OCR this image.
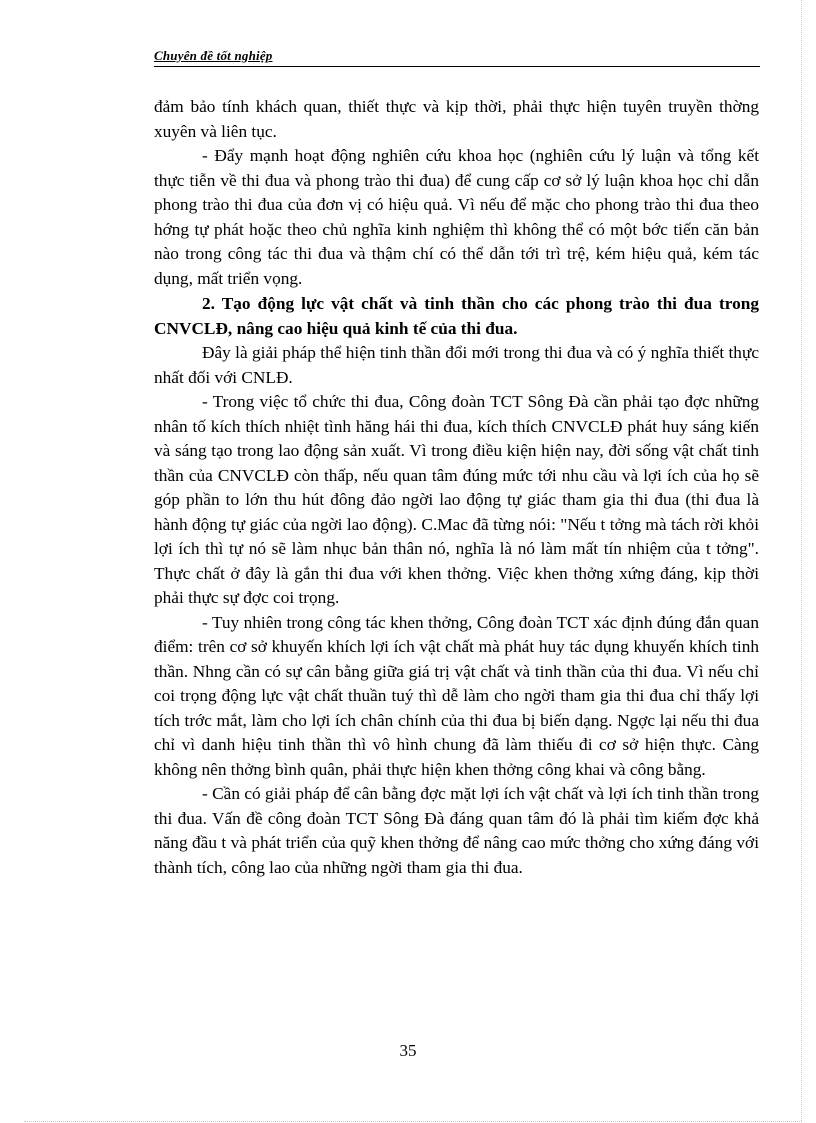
Chuyên đề tốt nghiệp

đảm bảo tính khách quan, thiết thực và kịp thời, phải thực hiện tuyên truyền thờng xuyên và liên tục.

- Đẩy mạnh hoạt động nghiên cứu khoa học (nghiên cứu lý luận và tổng kết thực tiễn về thi đua và phong trào thi đua) để cung cấp cơ sở lý luận khoa học chỉ dẫn phong trào thi đua của đơn vị có hiệu quả. Vì nếu để mặc cho phong trào thi đua theo hớng tự phát hoặc theo chủ nghĩa kinh nghiệm thì không thể có một bớc tiến căn bản nào trong công tác thi đua và thậm chí có thể dẫn tới trì trệ, kém hiệu quả, kém tác dụng, mất triển vọng.

2. Tạo động lực vật chất và tinh thần cho các phong trào thi đua trong CNVCLĐ, nâng cao hiệu quả kinh tế của thi đua.

Đây là giải pháp thể hiện tinh thần đổi mới trong thi đua và có ý nghĩa thiết thực nhất đối với CNLĐ.

- Trong việc tổ chức thi đua, Công đoàn TCT Sông Đà cần phải tạo đợc những nhân tố kích thích nhiệt tình hăng hái thi đua, kích thích CNVCLĐ phát huy sáng kiến và sáng tạo trong lao động sản xuất. Vì trong điều kiện hiện nay, đời sống vật chất tinh thần của CNVCLĐ còn thấp, nếu quan tâm đúng mức tới nhu cầu và lợi ích của họ sẽ góp phần to lớn thu hút đông đảo ngời lao động tự giác tham gia thi đua (thi đua là hành động tự giác của ngời lao động). C.Mac đã từng nói: "Nếu t tởng mà tách rời khỏi lợi ích thì tự nó sẽ làm nhục bản thân nó, nghĩa là nó làm mất tín nhiệm của t tởng". Thực chất ở đây là gắn thi đua với khen thởng. Việc khen thởng xứng đáng, kịp thời phải thực sự đợc coi trọng.

- Tuy nhiên trong công tác khen thởng, Công đoàn TCT xác định đúng đắn quan điểm: trên cơ sở khuyến khích lợi ích vật chất mà phát huy tác dụng khuyến khích tinh thần. Nhng cần có sự cân bằng giữa giá trị vật chất và tinh thần của thi đua. Vì nếu chỉ coi trọng động lực vật chất thuần tuý thì dễ làm cho ngời tham gia thi đua chỉ thấy lợi tích trớc mắt, làm cho lợi ích chân chính của thi đua bị biến dạng. Ngợc lại nếu thi đua chỉ vì danh hiệu tinh thần thì vô hình chung đã làm thiếu đi cơ sở hiện thực. Càng không nên thởng bình quân, phải thực hiện khen thởng công khai và công bằng.

- Cần có giải pháp để cân bằng đợc mặt lợi ích vật chất và lợi ích tinh thần trong thi đua. Vấn đề công đoàn TCT Sông Đà đáng quan tâm đó là phải tìm kiếm đợc khả năng đầu t và phát triển của quỹ khen thởng để nâng cao mức thởng cho xứng đáng với thành tích, công lao của những ngời tham gia thi đua.

35
